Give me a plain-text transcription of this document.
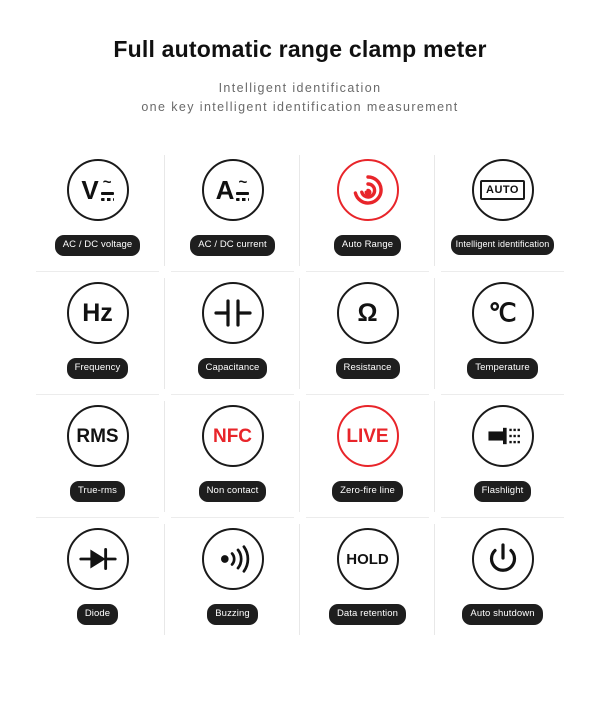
Full automatic range clamp meter
Intelligent identification
one key intelligent identification measurement
V ~
AC / DC voltage
A ~
AC / DC current	Auto Range
AUTO
Intelligent identification
Hz
Frequency	Capacitance
Ω
Resistance
℃
Temperature
RMS
True-rms
NFC
Non contact
LIVE
Zero-fire line	Flashlight
Diode	Buzzing
HOLD
Data retention	Auto shutdown
